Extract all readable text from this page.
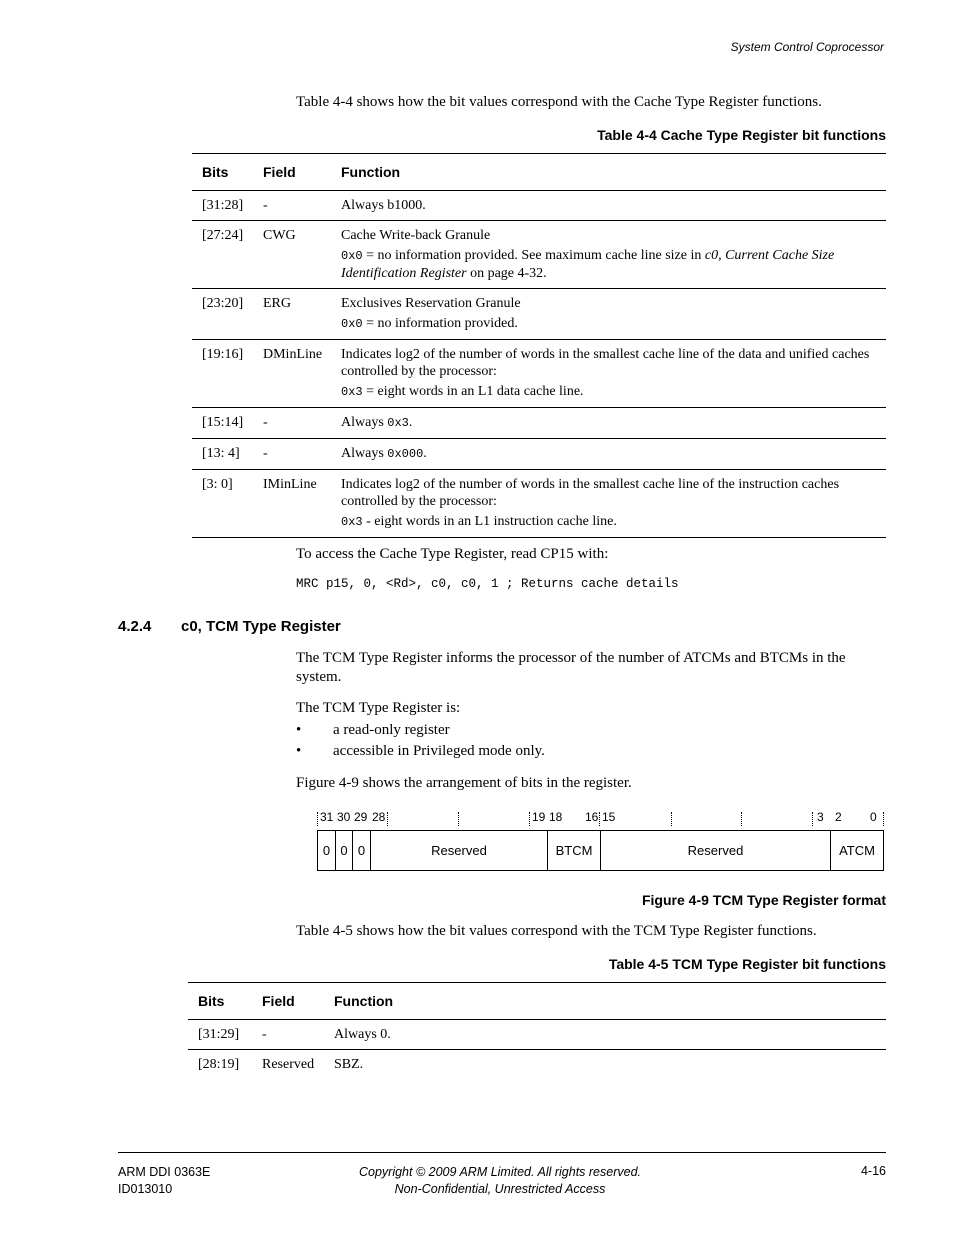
System Control Coprocessor
Table 4-4 shows how the bit values correspond with the Cache Type Register functions.
Table 4-4 Cache Type Register bit functions
Bits	Field	Function
[31:28]	-	Always b1000.
[27:24]	CWG	Cache Write-back Granule
0x0 = no information provided. See maximum cache line size in c0, Current Cache Size Identification Register on page 4-32.

[23:20]	ERG	Exclusives Reservation Granule
0x0 = no information provided.

[19:16]	DMinLine	Indicates log2 of the number of words in the smallest cache line of the data and unified caches controlled by the processor:
0x3 = eight words in an L1 data cache line.

[15:14]	-	Always 0x3.
[13: 4]	-	Always 0x000.
[3: 0]	IMinLine	Indicates log2 of the number of words in the smallest cache line of the instruction caches controlled by the processor:
0x3 - eight words in an L1 instruction cache line.
To access the Cache Type Register, read CP15 with:
MRC p15, 0, <Rd>, c0, c0, 1 ; Returns cache details
4.2.4 c0, TCM Type Register
The TCM Type Register informs the processor of the number of ATCMs and BTCMs in the system.
The TCM Type Register is:
• a read-only register
• accessible in Privileged mode only.
Figure 4-9 shows the arrangement of bits in the register.
31 30 29 28	19 18 16 15	3 2 0
0 0 0	Reserved	BTCM	Reserved	ATCM
Figure 4-9 TCM Type Register format
Table 4-5 shows how the bit values correspond with the TCM Type Register functions.
Table 4-5 TCM Type Register bit functions
Bits	Field	Function
[31:29]	-	Always 0.
[28:19]	Reserved	SBZ.
ARM DDI 0363E
ID013010
Copyright © 2009 ARM Limited. All rights reserved.
Non-Confidential, Unrestricted Access
4-16
